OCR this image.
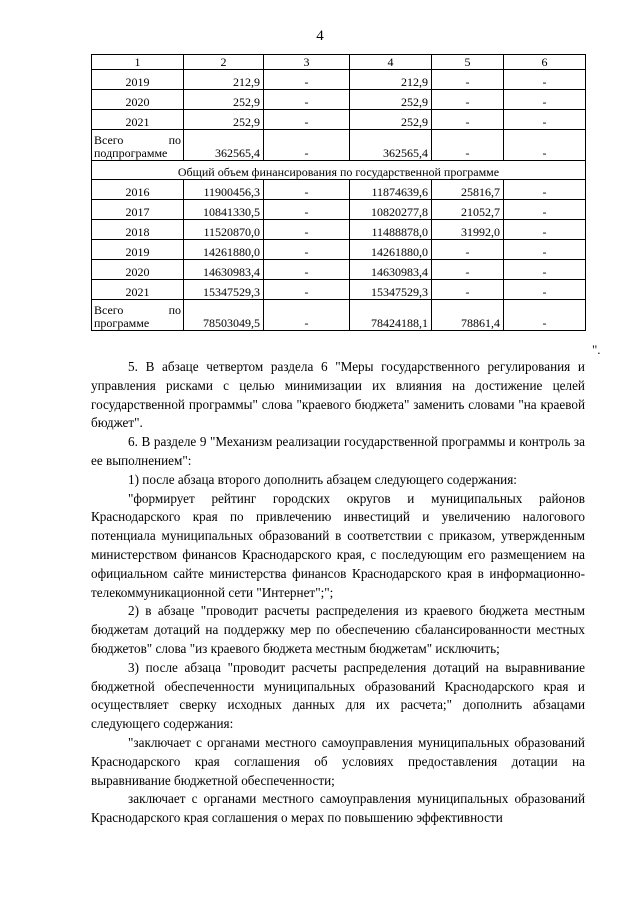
4
1	2	3	4	5	6
2019	212,9	-	212,9	-	-
2020	252,9	-	252,9	-	-
2021	252,9	-	252,9	-	-

Всего по
подпрограмме	362565,4	-	362565,4	-	-
Общий объем финансирования по государственной программе					
2016	11900456,3	-	11874639,6	25816,7	-
2017	10841330,5	-	10820277,8	21052,7	-
2018	11520870,0	-	11488878,0	31992,0	-
2019	14261880,0	-	14261880,0	-	-
2020	14630983,4	-	14630983,4	-	-
2021	15347529,3	-	15347529,3	-	-

Всего по
программе	78503049,5	-	78424188,1	78861,4	-
".

5. В абзаце четвертом раздела 6 "Меры государственного регулирования и управления рисками с целью минимизации их влияния на достижение целей государственной программы" слова "краевого бюджета" заменить словами "на краевой бюджет".

6. В разделе 9 "Механизм реализации государственной программы и контроль за ее выполнением":

1) после абзаца второго дополнить абзацем следующего содержания:

"формирует рейтинг городских округов и муниципальных районов Краснодарского края по привлечению инвестиций и увеличению налогового потенциала муниципальных образований в соответствии с приказом, утвержденным министерством финансов Краснодарского края, с последующим его размещением на официальном сайте министерства финансов Краснодарского края в информационно-телекоммуникационной сети "Интернет";";

2) в абзаце "проводит расчеты распределения из краевого бюджета местным бюджетам дотаций на поддержку мер по обеспечению сбалансированности местных бюджетов" слова "из краевого бюджета местным бюджетам" исключить;

3) после абзаца "проводит расчеты распределения дотаций на выравнивание бюджетной обеспеченности муниципальных образований Краснодарского края и осуществляет сверку исходных данных для их расчета;" дополнить абзацами следующего содержания:

"заключает с органами местного самоуправления муниципальных образований Краснодарского края соглашения об условиях предоставления дотации на выравнивание бюджетной обеспеченности;

заключает с органами местного самоуправления муниципальных образований Краснодарского края соглашения о мерах по повышению эффективности
